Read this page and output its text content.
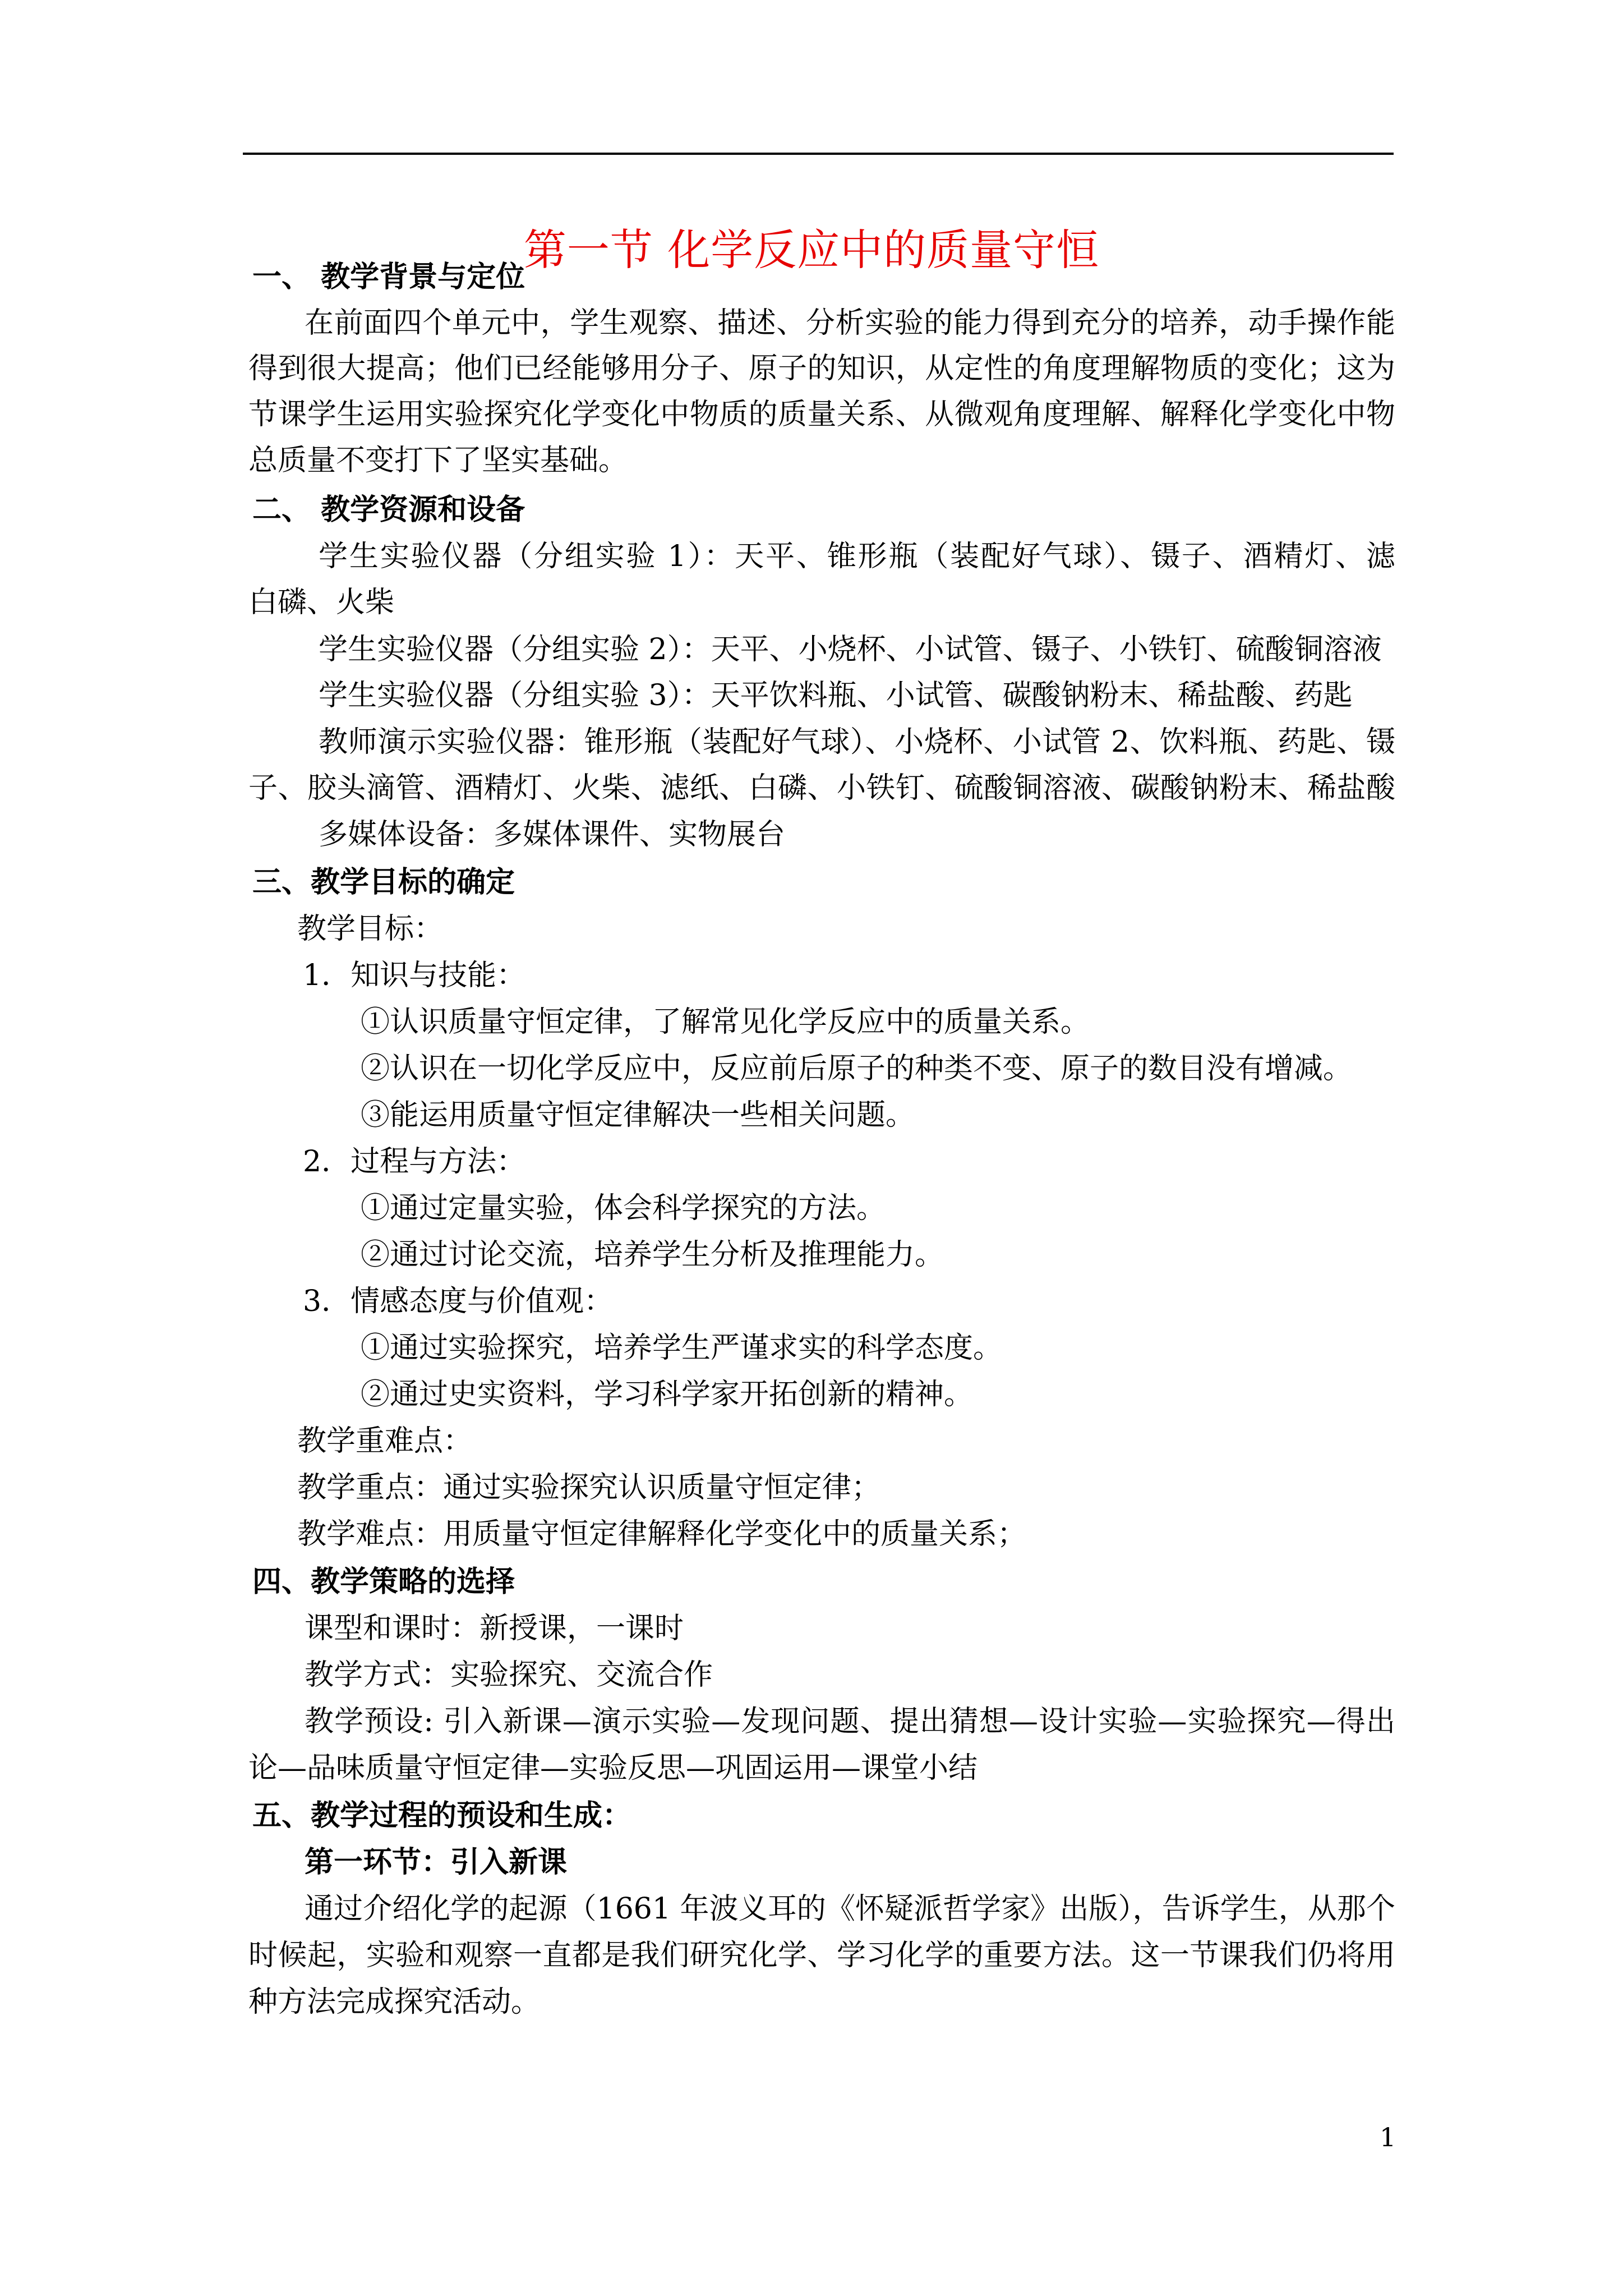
第一节 化学反应中的质量守恒
一、 教学背景与定位
在前面四个单元中，学生观察、描述、分析实验的能力得到充分的培养，动手操作能
得到很大提高；他们已经能够用分子、原子的知识，从定性的角度理解物质的变化；这为
节课学生运用实验探究化学变化中物质的质量关系、从微观角度理解、解释化学变化中物
总质量不变打下了坚实基础。
二、 教学资源和设备
学生实验仪器（分组实验 1）：天平、锥形瓶（装配好气球）、镊子、酒精灯、滤
白磷、火柴
学生实验仪器（分组实验 2）：天平、小烧杯、小试管、镊子、小铁钉、硫酸铜溶液
学生实验仪器（分组实验 3）：天平饮料瓶、小试管、碳酸钠粉末、稀盐酸、药匙
教师演示实验仪器：锥形瓶（装配好气球）、小烧杯、小试管 2、饮料瓶、药匙、镊
子、胶头滴管、酒精灯、火柴、滤纸、白磷、小铁钉、硫酸铜溶液、碳酸钠粉末、稀盐酸
多媒体设备：多媒体课件、实物展台
三、教学目标的确定
教学目标：
1．知识与技能：
①认识质量守恒定律，了解常见化学反应中的质量关系。
②认识在一切化学反应中，反应前后原子的种类不变、原子的数目没有增减。
③能运用质量守恒定律解决一些相关问题。
2．过程与方法：
①通过定量实验，体会科学探究的方法。
②通过讨论交流，培养学生分析及推理能力。
3．情感态度与价值观：
①通过实验探究，培养学生严谨求实的科学态度。
②通过史实资料，学习科学家开拓创新的精神。
教学重难点：
教学重点：通过实验探究认识质量守恒定律；
教学难点：用质量守恒定律解释化学变化中的质量关系；
四、教学策略的选择
课型和课时：新授课，一课时
教学方式：实验探究、交流合作
教学预设: 引入新课—演示实验—发现问题、提出猜想—设计实验—实验探究—得出
论—品味质量守恒定律—实验反思—巩固运用—课堂小结
五、教学过程的预设和生成：
第一环节：引入新课
通过介绍化学的起源（1661 年波义耳的《怀疑派哲学家》出版），告诉学生，从那个
时候起，实验和观察一直都是我们研究化学、学习化学的重要方法。这一节课我们仍将用
种方法完成探究活动。
1
